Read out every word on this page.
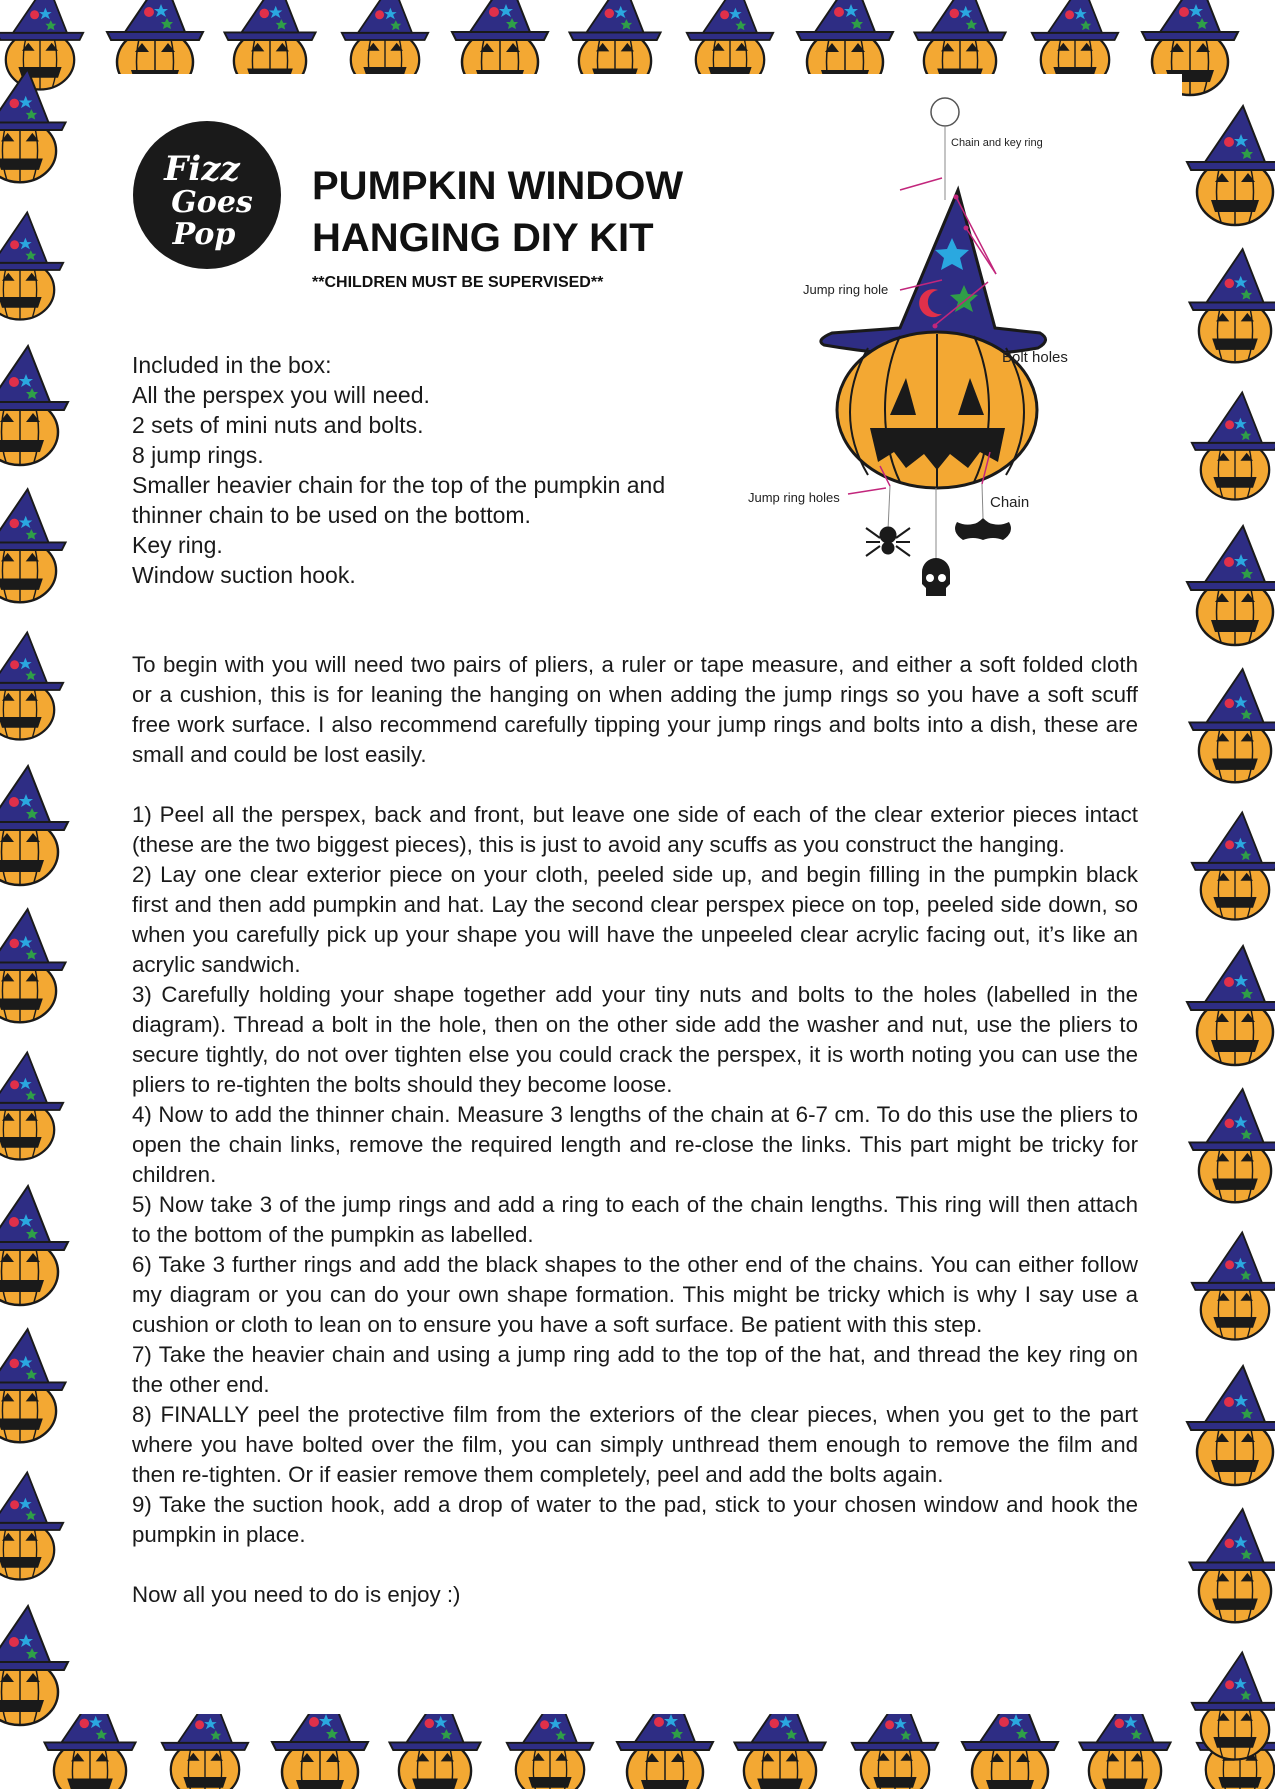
Fizz
Goes
Pop
PUMPKIN WINDOW
HANGING DIY KIT
**CHILDREN MUST BE SUPERVISED**
Included in the box:
All the perspex you will need.
2 sets of mini nuts and bolts.
8 jump rings.
Smaller heavier chain for the top of the pumpkin and
thinner chain to be used on the bottom.
Key ring.
Window suction hook.
Chain and key ring
Jump ring hole
Bolt holes
Jump ring holes	Chain

To begin with you will need two pairs of pliers, a ruler or tape measure, and either a soft folded cloth or a cushion, this is for leaning the hanging on when adding the jump rings so you have a soft scuff free work surface. I also recommend carefully tipping your jump rings and bolts into a dish, these are small and could be lost easily.

1) Peel all the perspex, back and front, but leave one side of each of the clear exterior pieces intact (these are the two biggest pieces), this is just to avoid any scuffs as you construct the hanging.

2) Lay one clear exterior piece on your cloth, peeled side up, and begin filling in the pumpkin black first and then add pumpkin and hat. Lay the second clear perspex piece on top, peeled side down, so when you carefully pick up your shape you will have the unpeeled clear acrylic facing out, it’s like an acrylic sandwich.

3) Carefully holding your shape together add your tiny nuts and bolts to the holes (labelled in the diagram). Thread a bolt in the hole, then on the other side add the washer and nut, use the pliers to secure tightly, do not over tighten else you could crack the perspex, it is worth noting you can use the pliers to re-tighten the bolts should they become loose.

4) Now to add the thinner chain. Measure 3 lengths of the chain at 6-7 cm. To do this use the pliers to open the chain links, remove the required length and re-close the links. This part might be tricky for children.

5) Now take 3 of the jump rings and add a ring to each of the chain lengths. This ring will then attach to the bottom of the pumpkin as labelled.

6) Take 3 further rings and add the black shapes to the other end of the chains. You can either follow my diagram or you can do your own shape formation. This might be tricky which is why I say use a cushion or cloth to lean on to ensure you have a soft surface. Be patient with this step.

7) Take the heavier chain and using a jump ring add to the top of the hat, and thread the key ring on the other end.

8) FINALLY peel the protective film from the exteriors of the clear pieces, when you get to the part where you have bolted over the film, you can simply unthread them enough to remove the film and then re-tighten. Or if easier remove them completely, peel and add the bolts again.

9) Take the suction hook, add a drop of water to the pad, stick to your chosen window and hook the pumpkin in place.

Now all you need to do is enjoy :)
